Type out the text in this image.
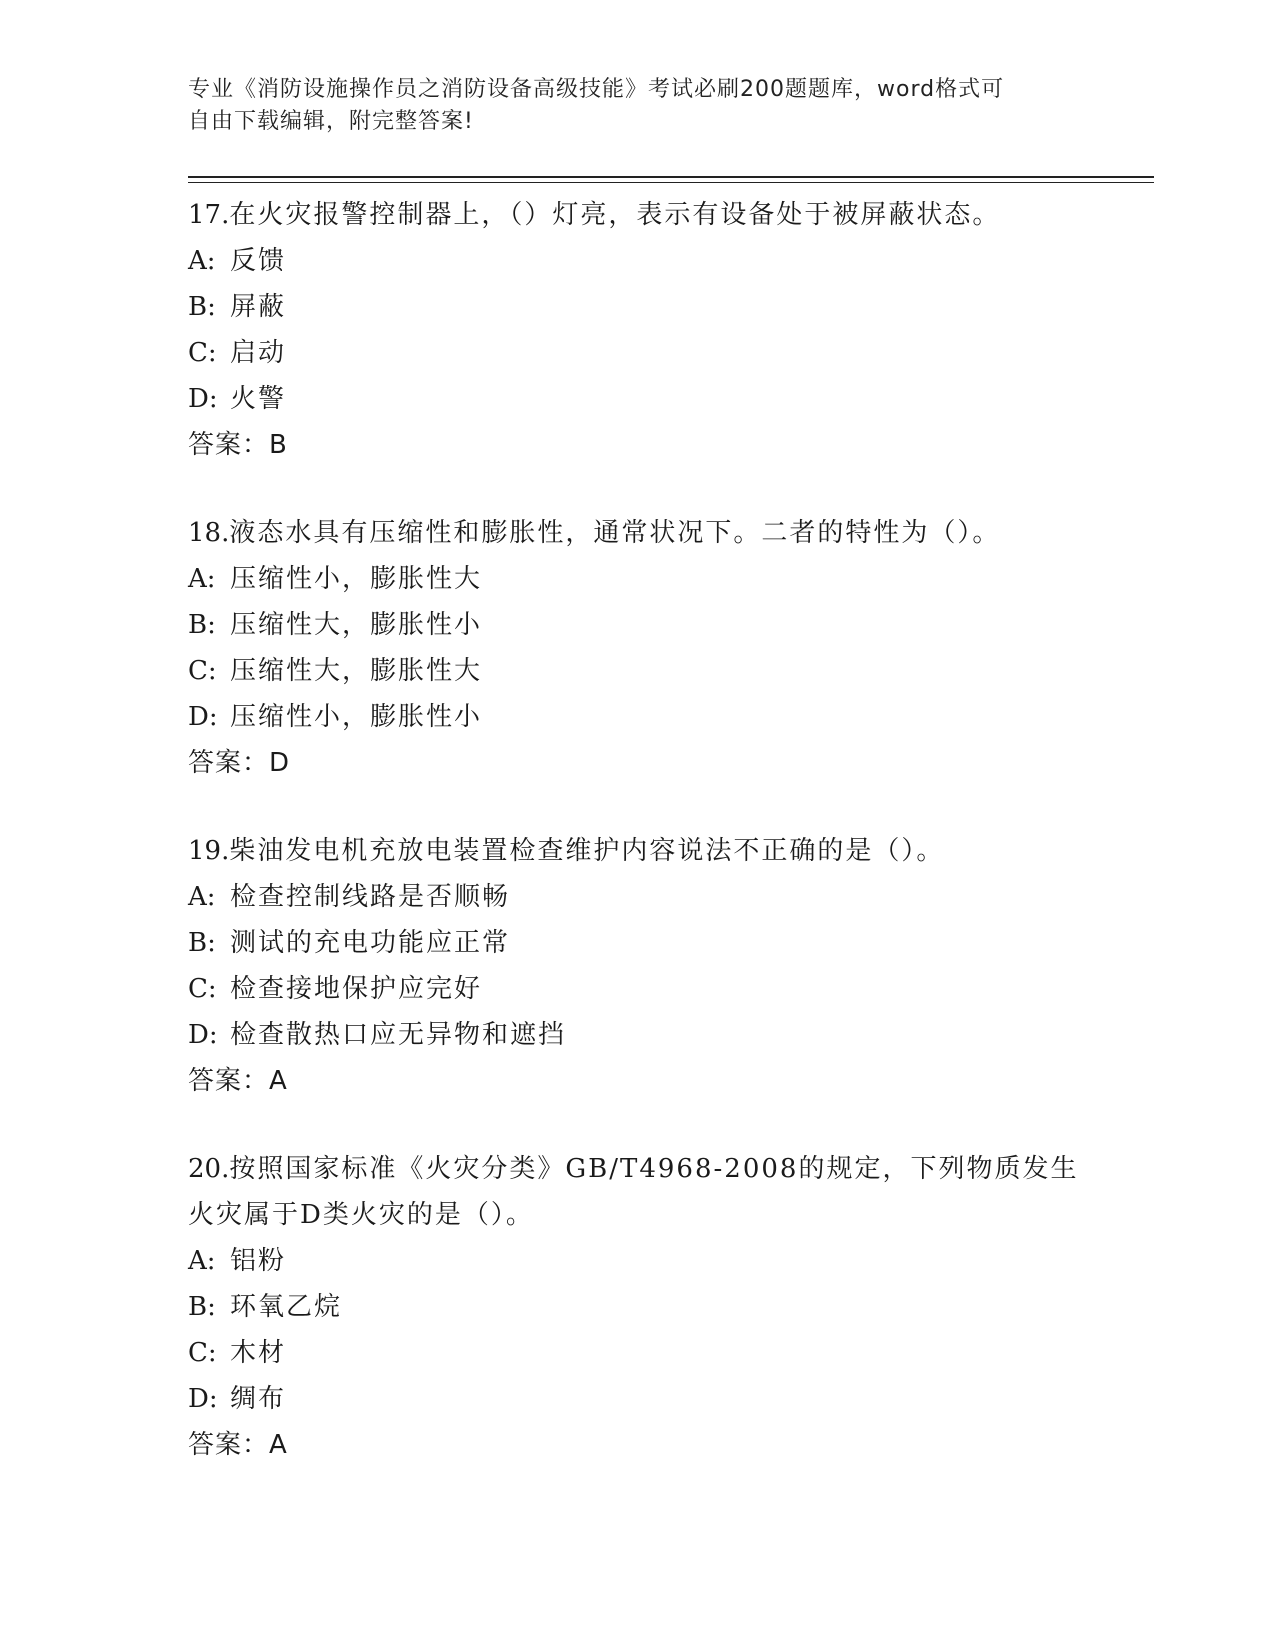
专业《消防设施操作员之消防设备高级技能》考试必刷200题题库，word格式可
自由下载编辑，附完整答案!
17.在火灾报警控制器上，（）灯亮，表示有设备处于被屏蔽状态。
A: 反馈
B: 屏蔽
C: 启动
D: 火警
答案：B
18.液态水具有压缩性和膨胀性，通常状况下。二者的特性为（）。
A: 压缩性小，膨胀性大
B: 压缩性大，膨胀性小
C: 压缩性大，膨胀性大
D: 压缩性小，膨胀性小
答案：D
19.柴油发电机充放电装置检查维护内容说法不正确的是（）。
A: 检查控制线路是否顺畅
B: 测试的充电功能应正常
C: 检查接地保护应完好
D: 检查散热口应无异物和遮挡
答案：A
20.按照国家标准《火灾分类》GB/T4968-2008的规定，下列物质发生
火灾属于D类火灾的是（）。
A: 铝粉
B: 环氧乙烷
C: 木材
D: 绸布
答案：A
